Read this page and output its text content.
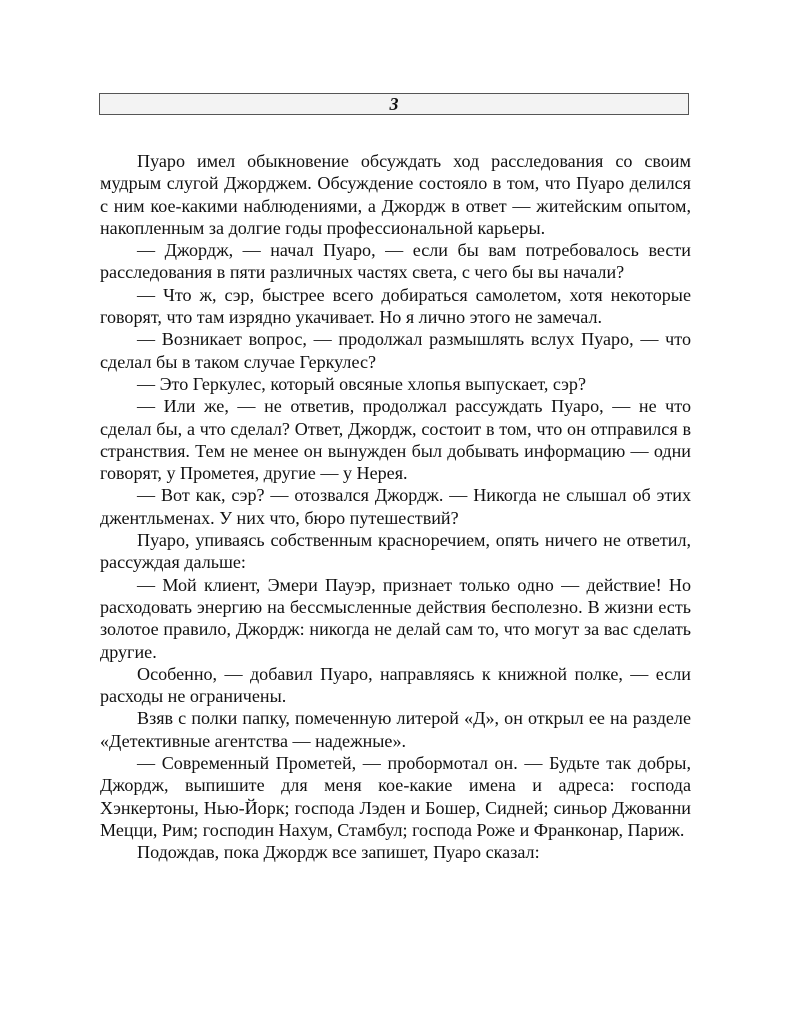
3

Пуаро имел обыкновение обсуждать ход расследования со своим мудрым слугой Джорджем. Обсуждение состояло в том, что Пуаро делился с ним кое-какими наблюдениями, а Джордж в ответ — житейским опытом, накопленным за долгие годы профессиональной карьеры.

— Джордж, — начал Пуаро, — если бы вам потребовалось вести расследования в пяти различных частях света, с чего бы вы начали?

— Что ж, сэр, быстрее всего добираться самолетом, хотя некоторые говорят, что там изрядно укачивает. Но я лично этого не замечал.

— Возникает вопрос, — продолжал размышлять вслух Пуаро, — что сделал бы в таком случае Геркулес?

— Это Геркулес, который овсяные хлопья выпускает, сэр?

— Или же, — не ответив, продолжал рассуждать Пуаро, — не что сделал бы, а что сделал? Ответ, Джордж, состоит в том, что он отправился в странствия. Тем не менее он вынужден был добывать информацию — одни говорят, у Прометея, другие — у Нерея.

— Вот как, сэр? — отозвался Джордж. — Никогда не слышал об этих джентльменах. У них что, бюро путешествий?

Пуаро, упиваясь собственным красноречием, опять ничего не ответил, рассуждая дальше:

— Мой клиент, Эмери Пауэр, признает только одно — действие! Но расходовать энергию на бессмысленные действия бесполезно. В жизни есть золотое правило, Джордж: никогда не делай сам то, что могут за вас сделать другие.

Особенно, — добавил Пуаро, направляясь к книжной полке, — если расходы не ограничены.

Взяв с полки папку, помеченную литерой «Д», он открыл ее на разделе «Детективные агентства — надежные».

— Современный Прометей, — пробормотал он. — Будьте так добры, Джордж, выпишите для меня кое-какие имена и адреса: господа Хэнкертоны, Нью-Йорк; господа Лэден и Бошер, Сидней; синьор Джованни Мецци, Рим; господин Нахум, Стамбул; господа Роже и Франконар, Париж.

Подождав, пока Джордж все запишет, Пуаро сказал:
